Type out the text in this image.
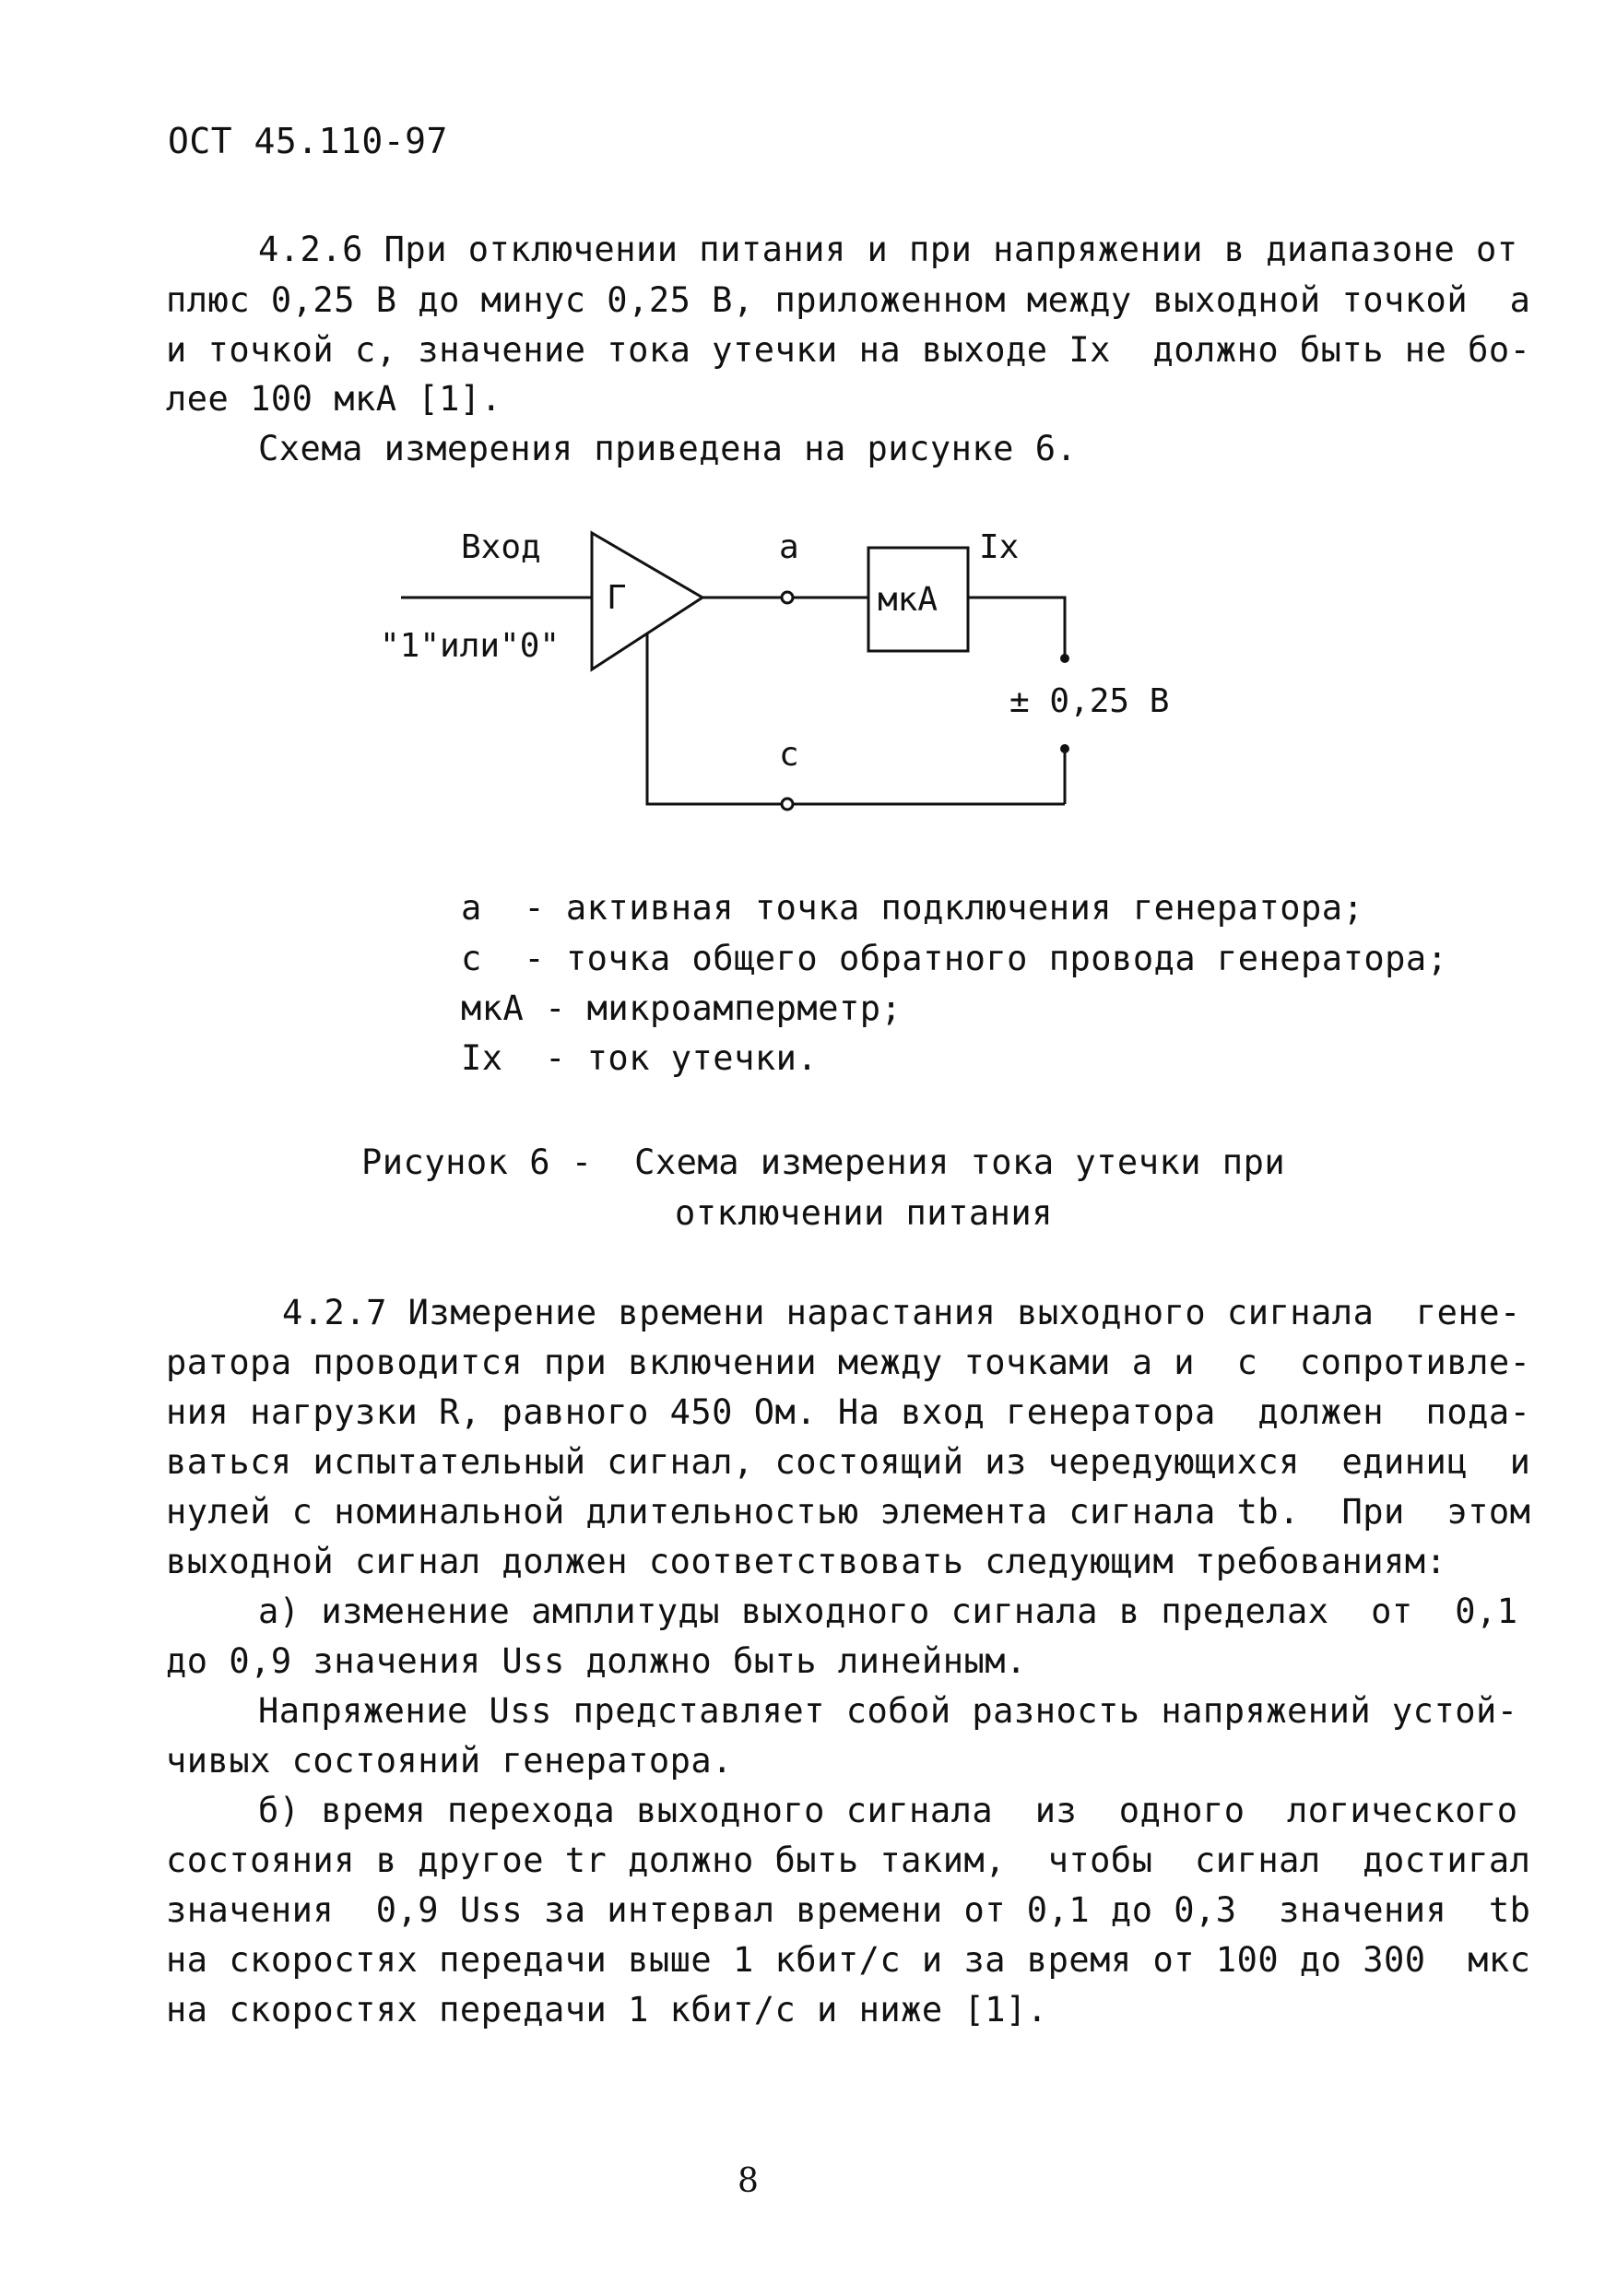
ОСТ 45.110-97
4.2.6 При отключении питания и при напряжении в диапазоне от
плюс 0,25 В до минус 0,25 В, приложенном между выходной точкой  а
и точкой с, значение тока утечки на выходе Iх  должно быть не бо-
лее 100 мкА [1].
Схема измерения приведена на рисунке 6.
Вход
"1"или"0"
Г
a
c
мкА
Ix
± 0,25 В
a  - активная точка подключения генератора;
c  - точка общего обратного провода генератора;
мкА - микроамперметр;
Ix  - ток утечки.
Рисунок 6 -  Схема измерения тока утечки при
отключении питания
4.2.7 Измерение времени нарастания выходного сигнала  гене-
ратора проводится при включении между точками а и  с  сопротивле-
ния нагрузки R, равного 450 Ом. На вход генератора  должен  пода-
ваться испытательный сигнал, состоящий из чередующихся  единиц  и
нулей с номинальной длительностью элемента сигнала tb.  При  этом
выходной сигнал должен соответствовать следующим требованиям:
а) изменение амплитуды выходного сигнала в пределах  от  0,1
до 0,9 значения Uss должно быть линейным.
Напряжение Uss представляет собой разность напряжений устой-
чивых состояний генератора.
б) время перехода выходного сигнала  из  одного  логического
состояния в другое tr должно быть таким,  чтобы  сигнал  достигал
значения  0,9 Uss за интервал времени от 0,1 до 0,3  значения  tb
на скоростях передачи выше 1 кбит/с и за время от 100 до 300  мкс
на скоростях передачи 1 кбит/с и ниже [1].
8
